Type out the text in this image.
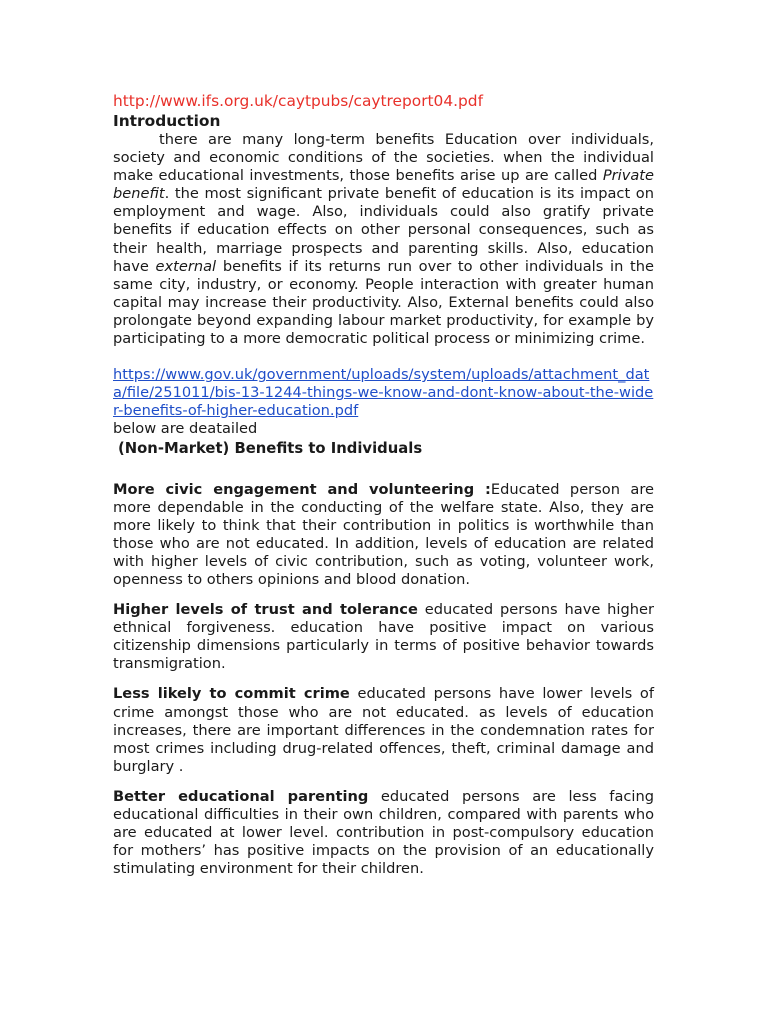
http://www.ifs.org.uk/caytpubs/caytreport04.pdf
Introduction

there are many long-term benefits Education over individuals, society and economic conditions of the societies. when the individual make educational investments, those benefits arise up are called Private benefit. the most significant private benefit of education is its impact on employment and wage. Also, individuals could also gratify private benefits if education effects on other personal consequences, such as their health, marriage prospects and parenting skills. Also, education have external benefits if its returns run over to other individuals in the same city, industry, or economy. People interaction with greater human capital may increase their productivity. Also, External benefits could also prolongate beyond expanding labour market productivity, for example by participating to a more democratic political process or minimizing crime.

https://www.gov.uk/government/uploads/system/uploads/attachment_data/file/251011/bis-13-1244-things-we-know-and-dont-know-about-the-wider-benefits-of-higher-education.pdf
below are deatailed
(Non-Market) Benefits to Individuals

More civic engagement and volunteering :Educated person are more dependable in the conducting of the welfare state. Also, they are more likely to think that their contribution in politics is worthwhile than those who are not educated. In addition, levels of education are related with higher levels of civic contribution, such as voting, volunteer work, openness to others opinions and blood donation.

Higher levels of trust and tolerance educated persons have higher ethnical forgiveness. education have positive impact on various citizenship dimensions particularly in terms of positive behavior towards transmigration.

Less likely to commit crime educated persons have lower levels of crime amongst those who are not educated. as levels of education increases, there are important differences in the condemnation rates for most crimes including drug-related offences, theft, criminal damage and burglary .

Better educational parenting educated persons are less facing educational difficulties in their own children, compared with parents who are educated at lower level. contribution in post-compulsory education for mothers’ has positive impacts on the provision of an educationally stimulating environment for their children.
